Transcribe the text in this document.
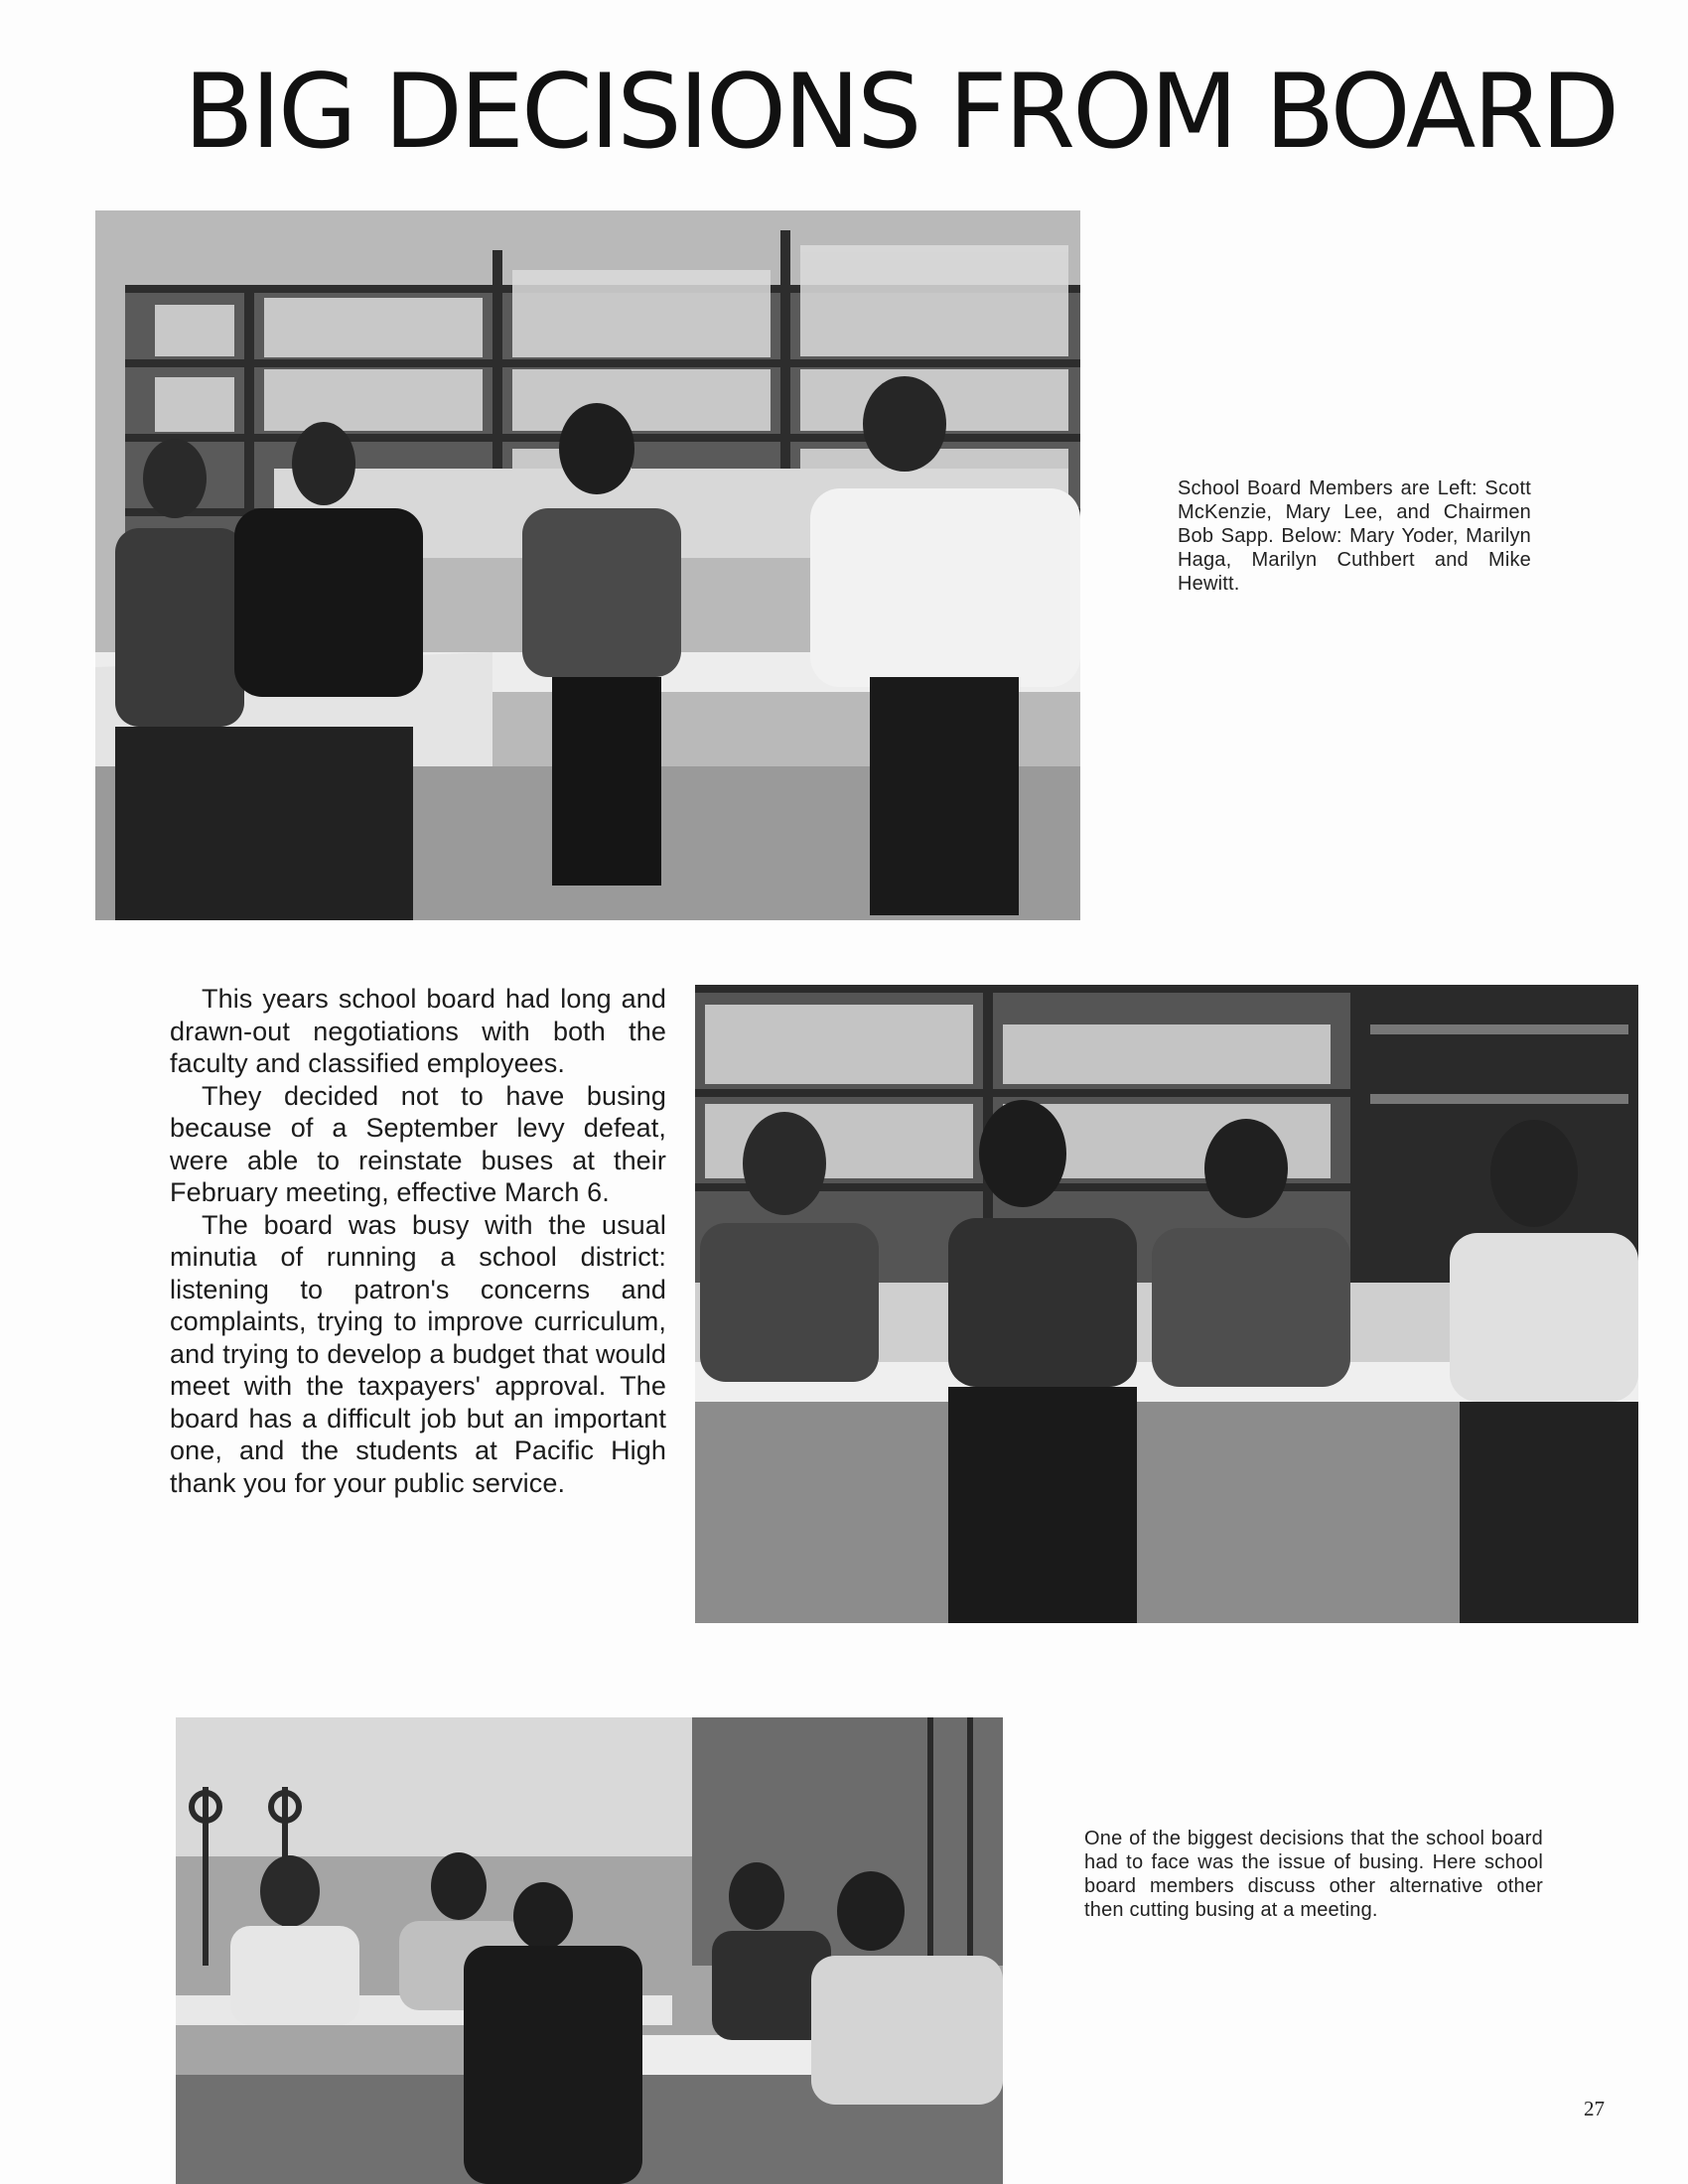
BIG DECISIONS FROM BOARD
School Board Members are Left: Scott McKenzie, Mary Lee, and Chairmen Bob Sapp. Below: Mary Yoder, Marilyn Haga, Marilyn Cuthbert and Mike Hewitt.

This years school board had long and drawn-out negotiations with both the faculty and classified employees.

They decided not to have busing because of a September levy defeat, were able to reinstate buses at their February meeting, effective March 6.

The board was busy with the usual minutia of running a school district: listening to patron's concerns and complaints, trying to improve curriculum, and trying to develop a budget that would meet with the taxpayers' approval. The board has a difficult job but an important one, and the students at Pacific High thank you for your public service.

One of the biggest decisions that the school board had to face was the issue of busing. Here school board members discuss other alternative other then cutting busing at a meeting.
27
